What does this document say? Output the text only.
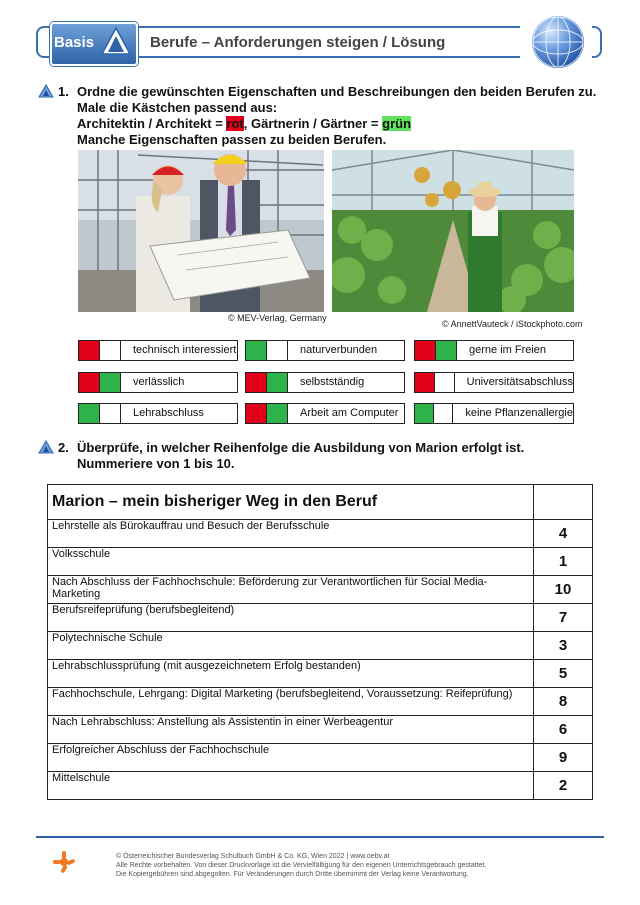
Basis	Berufe – Anforderungen steigen / Lösung
1. Ordne die gewünschten Eigenschaften und Beschreibungen den beiden Berufen zu.
Male die Kästchen passend aus:
Architektin / Architekt = rot, Gärtnerin / Gärtner = grün
Manche Eigenschaften passen zu beiden Berufen.
© MEV-Verlag, Germany
© AnnettVauteck / iStockphoto.com
technisch interessiert	naturverbunden	gerne im Freien
verlässlich	selbstständig	Universitätsabschluss
Lehrabschluss	Arbeit am Computer	keine Pflanzenallergie
2. Überprüfe, in welcher Reihenfolge die Ausbildung von Marion erfolgt ist.
Nummeriere von 1 bis 10.
Marion – mein bisheriger Weg in den Beruf	
Lehrstelle als Bürokauffrau und Besuch der Berufsschule	4
Volksschule	1
Nach Abschluss der Fachhochschule: Beförderung zur Verantwortlichen für Social Media-Marketing	10
Berufsreifeprüfung (berufsbegleitend)	7
Polytechnische Schule	3
Lehrabschlussprüfung (mit ausgezeichnetem Erfolg bestanden)	5
Fachhochschule, Lehrgang: Digital Marketing (berufsbegleitend, Voraussetzung: Reifeprüfung)	8
Nach Lehrabschluss: Anstellung als Assistentin in einer Werbeagentur	6
Erfolgreicher Abschluss der Fachhochschule	9
Mittelschule	2
© Österreichischer Bundesverlag Schulbuch GmbH & Co. KG, Wien 2022 | www.oebv.at
Alle Rechte vorbehalten. Von dieser Druckvorlage ist die Vervielfältigung für den eigenen Unterrichtsgebrauch gestattet.
Die Kopiergebühren sind abgegolten. Für Veränderungen durch Dritte übernimmt der Verlag keine Verantwortung.
